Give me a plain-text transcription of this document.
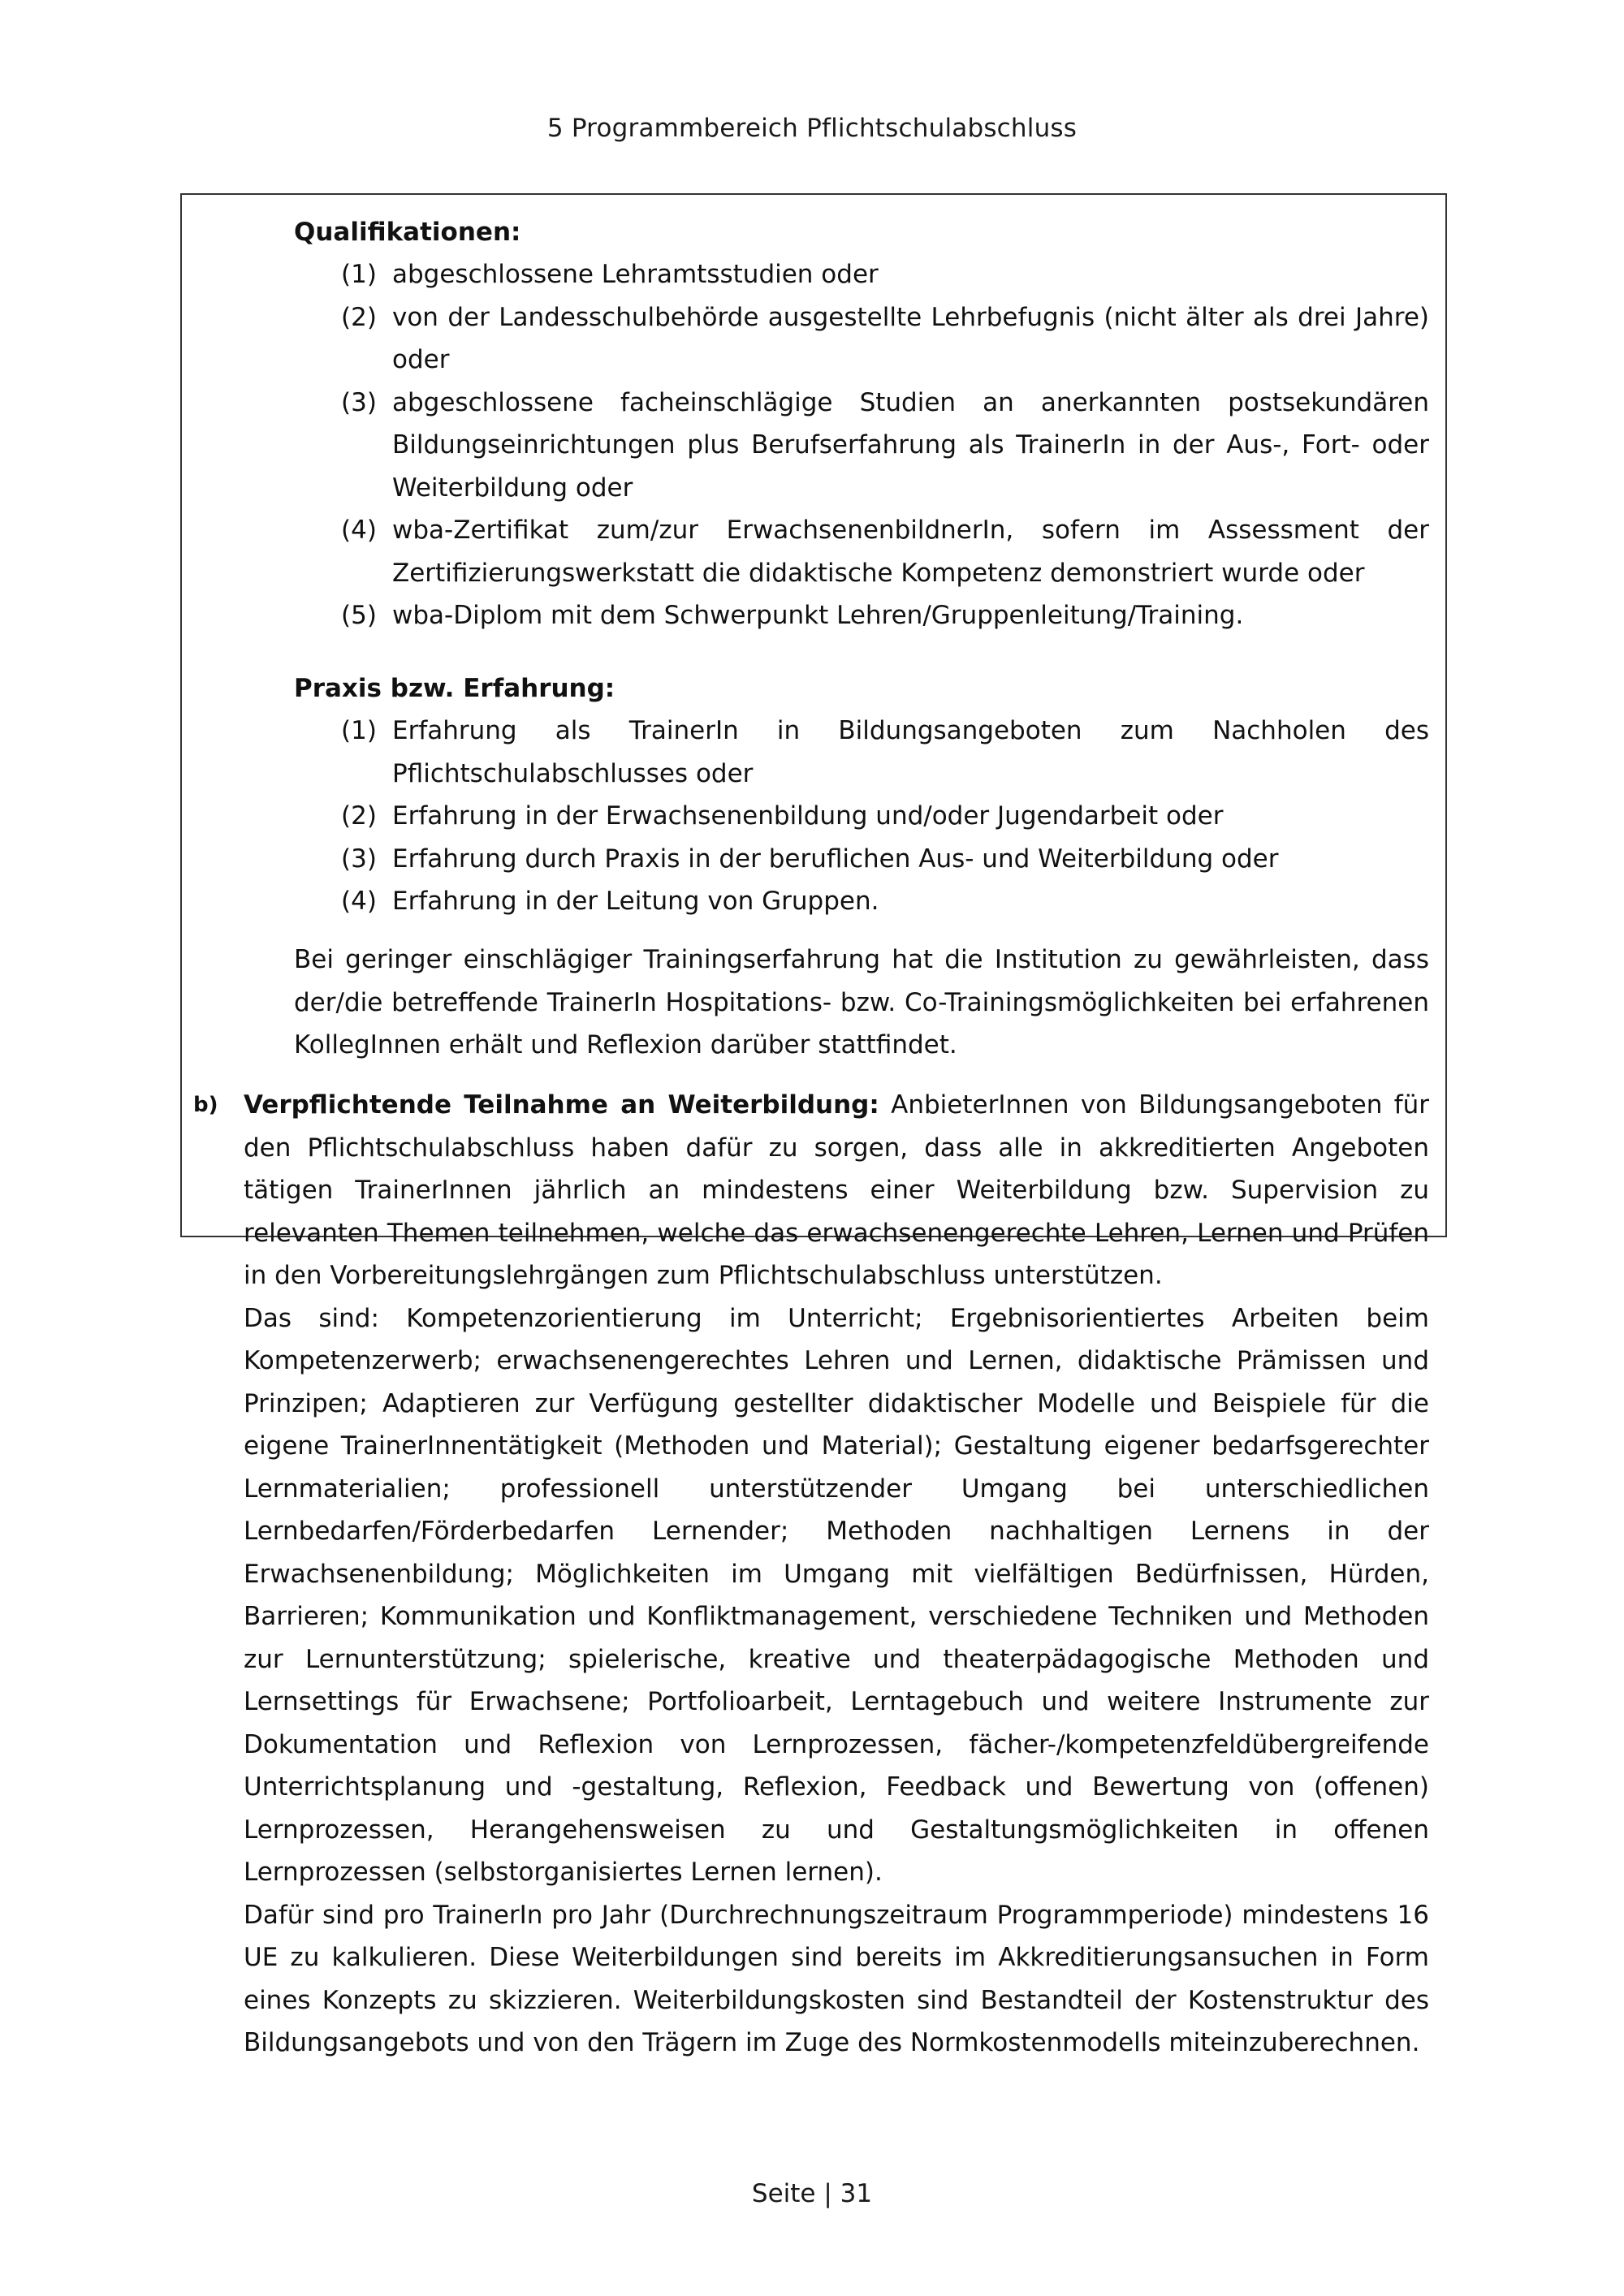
5 Programmbereich Pflichtschulabschluss
Qualifikationen:
(1) abgeschlossene Lehramtsstudien oder
(2) von der Landesschulbehörde ausgestellte Lehrbefugnis (nicht älter als drei Jahre) oder
(3) abgeschlossene facheinschlägige Studien an anerkannten postsekundären Bildungseinrichtungen plus Berufserfahrung als TrainerIn in der Aus-, Fort- oder Weiterbildung oder
(4) wba-Zertifikat zum/zur ErwachsenenbildnerIn, sofern im Assessment der Zertifizierungswerkstatt die didaktische Kompetenz demonstriert wurde oder
(5) wba-Diplom mit dem Schwerpunkt Lehren/Gruppenleitung/Training.
Praxis bzw. Erfahrung:
(1) Erfahrung als TrainerIn in Bildungsangeboten zum Nachholen des Pflichtschulabschlusses oder
(2) Erfahrung in der Erwachsenenbildung und/oder Jugendarbeit oder
(3) Erfahrung durch Praxis in der beruflichen Aus- und Weiterbildung oder
(4) Erfahrung in der Leitung von Gruppen.
Bei geringer einschlägiger Trainingserfahrung hat die Institution zu gewährleisten, dass der/die betreffende TrainerIn Hospitations- bzw. Co-Trainingsmöglichkeiten bei erfahrenen KollegInnen erhält und Reflexion darüber stattfindet.
b) Verpflichtende Teilnahme an Weiterbildung: AnbieterInnen von Bildungsangeboten für den Pflichtschulabschluss haben dafür zu sorgen, dass alle in akkreditierten Angeboten tätigen TrainerInnen jährlich an mindestens einer Weiterbildung bzw. Supervision zu relevanten Themen teilnehmen, welche das erwachsenengerechte Lehren, Lernen und Prüfen in den Vorbereitungslehrgängen zum Pflichtschulabschluss unterstützen.

Das sind: Kompetenzorientierung im Unterricht; Ergebnisorientiertes Arbeiten beim Kompetenzerwerb; erwachsenengerechtes Lehren und Lernen, didaktische Prämissen und Prinzipen; Adaptieren zur Verfügung gestellter didaktischer Modelle und Beispiele für die eigene TrainerInnentätigkeit (Methoden und Material); Gestaltung eigener bedarfsgerechter Lernmaterialien; professionell unterstützender Umgang bei unterschiedlichen Lernbedarfen/Förderbedarfen Lernender; Methoden nachhaltigen Lernens in der Erwachsenenbildung; Möglichkeiten im Umgang mit vielfältigen Bedürfnissen, Hürden, Barrieren; Kommunikation und Konfliktmanagement, verschiedene Techniken und Methoden zur Lernunterstützung; spielerische, kreative und theaterpädagogische Methoden und Lernsettings für Erwachsene; Portfolioarbeit, Lerntagebuch und weitere Instrumente zur Dokumentation und Reflexion von Lernprozessen, fächer-/kompetenzfeldübergreifende Unterrichtsplanung und -gestaltung, Reflexion, Feedback und Bewertung von (offenen) Lernprozessen, Herangehensweisen zu und Gestaltungsmöglichkeiten in offenen Lernprozessen (selbstorganisiertes Lernen lernen).

Dafür sind pro TrainerIn pro Jahr (Durchrechnungszeitraum Programmperiode) mindestens 16 UE zu kalkulieren. Diese Weiterbildungen sind bereits im Akkreditierungsansuchen in Form eines Konzepts zu skizzieren. Weiterbildungskosten sind Bestandteil der Kostenstruktur des Bildungsangebots und von den Trägern im Zuge des Normkostenmodells miteinzuberechnen.

Seite | 31
